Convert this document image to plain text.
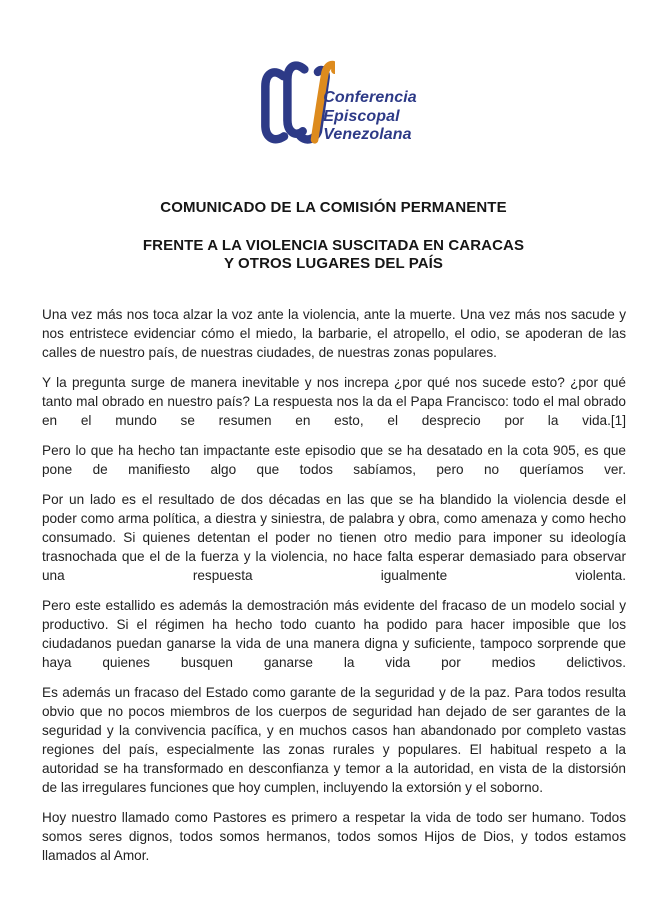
Conferencia
Episcopal
Venezolana
COMUNICADO DE LA COMISIÓN PERMANENTE
FRENTE A LA VIOLENCIA SUSCITADA EN CARACAS
Y OTROS LUGARES DEL PAÍS

Una vez más nos toca alzar la voz ante la violencia, ante la muerte. Una vez más nos sacude y nos entristece evidenciar cómo el miedo, la barbarie, el atropello, el odio, se apoderan de las calles de nuestro país, de nuestras ciudades, de nuestras zonas populares.

Y la pregunta surge de manera inevitable y nos increpa ¿por qué nos sucede esto? ¿por qué tanto mal obrado en nuestro país? La respuesta nos la da el Papa Francisco: todo el mal obrado en el mundo se resumen en esto, el desprecio por la vida.[1]

Pero lo que ha hecho tan impactante este episodio que se ha desatado en la cota 905, es que pone de manifiesto algo que todos sabíamos, pero no queríamos ver.

Por un lado es el resultado de dos décadas en las que se ha blandido la violencia desde el poder como arma política, a diestra y siniestra, de palabra y obra, como amenaza y como hecho consumado. Si quienes detentan el poder no tienen otro medio para imponer su ideología trasnochada que el de la fuerza y la violencia, no hace falta esperar demasiado para observar una respuesta igualmente violenta.

Pero este estallido es además la demostración más evidente del fracaso de un modelo social y productivo. Si el régimen ha hecho todo cuanto ha podido para hacer imposible que los ciudadanos puedan ganarse la vida de una manera digna y suficiente, tampoco sorprende que haya quienes busquen ganarse la vida por medios delictivos.

Es además un fracaso del Estado como garante de la seguridad y de la paz. Para todos resulta obvio que no pocos miembros de los cuerpos de seguridad han dejado de ser garantes de la seguridad y la convivencia pacífica, y en muchos casos han abandonado por completo vastas regiones del país, especialmente las zonas rurales y populares. El habitual respeto a la autoridad se ha transformado en desconfianza y temor a la autoridad, en vista de la distorsión de las irregulares funciones que hoy cumplen, incluyendo la extorsión y el soborno.

Hoy nuestro llamado como Pastores es primero a respetar la vida de todo ser humano. Todos somos seres dignos, todos somos hermanos, todos somos Hijos de Dios, y todos estamos llamados al Amor.
